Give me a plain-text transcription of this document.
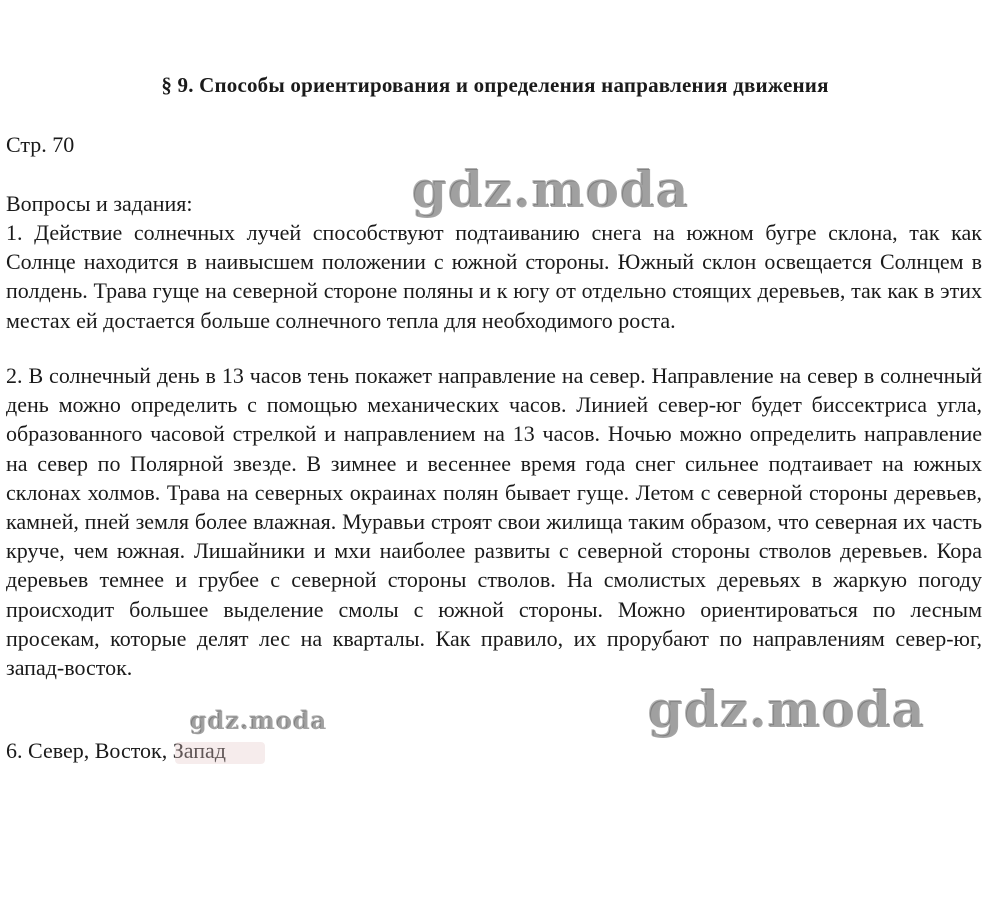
§ 9. Способы ориентирования и определения направления движения
Стр. 70
Вопросы и задания:
1. Действие солнечных лучей способствуют подтаиванию снега на южном бугре склона, так как Солнце находится в наивысшем положении с южной стороны. Южный склон освещается Солнцем в полдень. Трава гуще на северной стороне поляны и к югу от отдельно стоящих деревьев, так как в этих местах ей достается больше солнечного тепла для необходимого роста.
2. В солнечный день в 13 часов тень покажет направление на север. Направление на север в солнечный день можно определить с помощью механических часов. Линией север-юг будет биссектриса угла, образованного часовой стрелкой и направлением на 13 часов. Ночью можно определить направление на север по Полярной звезде. В зимнее и весеннее время года снег сильнее подтаивает на южных склонах холмов. Трава на северных окраинах полян бывает гуще. Летом с северной стороны деревьев, камней, пней земля более влажная. Муравьи строят свои жилища таким образом, что северная их часть круче, чем южная. Лишайники и мхи наиболее развиты с северной стороны стволов деревьев. Кора деревьев темнее и грубее с северной стороны стволов. На смолистых деревьях в жаркую погоду происходит большее выделение смолы с южной стороны. Можно ориентироваться по лесным просекам, которые делят лес на кварталы. Как правило, их прорубают по направлениям север-юг, запад-восток.
6. Север, Восток, Запад
gdz.moda
gdz.moda
gdz.moda
